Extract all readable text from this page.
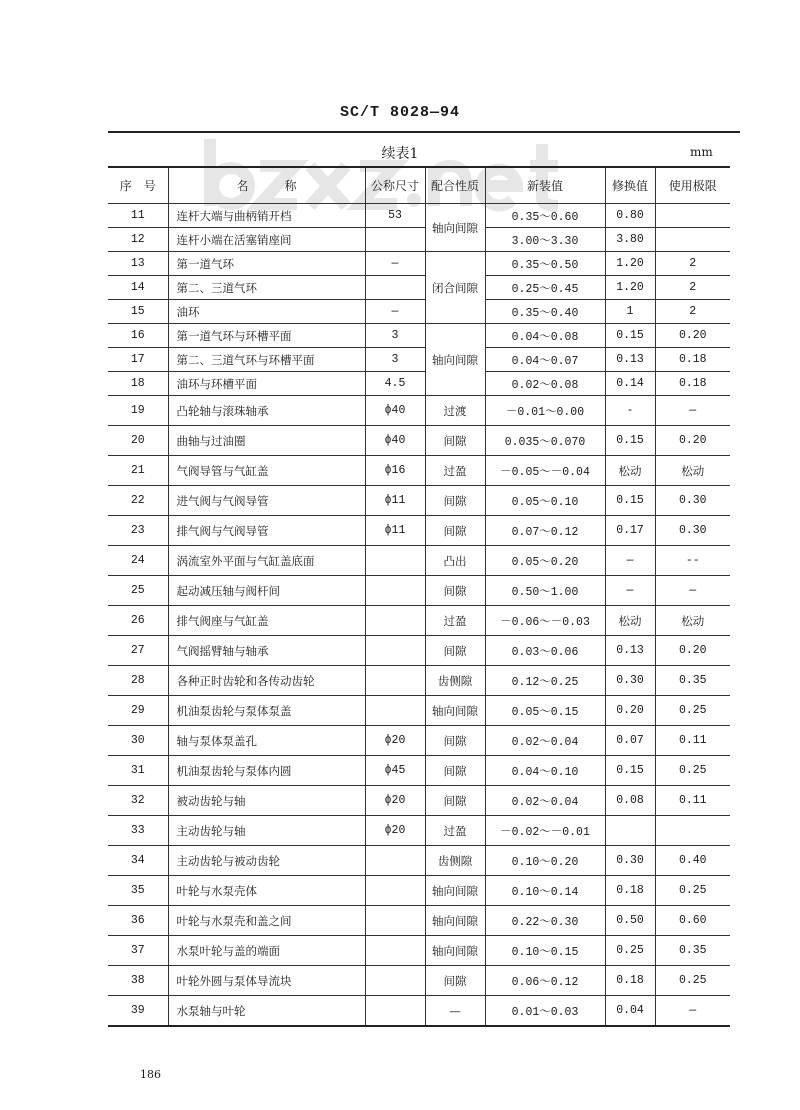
SC/T 8028—94
续表1	mm
序　号	名　　　称	公称尺寸	配合性质	新装值	修换值	使用极限
11	连杆大端与曲柄销开档	53	轴向间隙	0.35～0.60	0.80	
12	连杆小端在活塞销座间			3.00～3.30	3.80	
13	第一道气环	—	闭合间隙	0.35～0.50	1.20	2
14	第二、三道气环			0.25～0.45	1.20	2
15	油环	—		0.35～0.40	1	2
16	第一道气环与环槽平面	3	轴向间隙	0.04～0.08	0.15	0.20
17	第二、三道气环与环槽平面	3		0.04～0.07	0.13	0.18
18	油环与环槽平面	4.5		0.02～0.08	0.14	0.18
19	凸轮轴与滚珠轴承	ϕ40	过渡	－0.01～0.00	-	—
20	曲轴与过油圈	ϕ40	间隙	0.035～0.070	0.15	0.20
21	气阀导管与气缸盖	ϕ16	过盈	－0.05～－0.04	松动	松动
22	进气阀与气阀导管	ϕ11	间隙	0.05～0.10	0.15	0.30
23	排气阀与气阀导管	ϕ11	间隙	0.07～0.12	0.17	0.30
24	涡流室外平面与气缸盖底面		凸出	0.05～0.20	—	--
25	起动减压轴与阀杆间		间隙	0.50～1.00	—	—
26	排气阀座与气缸盖		过盈	－0.06～－0.03	松动	松动
27	气阀摇臂轴与轴承		间隙	0.03～0.06	0.13	0.20
28	各种正时齿轮和各传动齿轮		齿侧隙	0.12～0.25	0.30	0.35
29	机油泵齿轮与泵体泵盖		轴向间隙	0.05～0.15	0.20	0.25
30	轴与泵体泵盖孔	ϕ20	间隙	0.02～0.04	0.07	0.11
31	机油泵齿轮与泵体内圆	ϕ45	间隙	0.04～0.10	0.15	0.25
32	被动齿轮与轴	ϕ20	间隙	0.02～0.04	0.08	0.11
33	主动齿轮与轴	ϕ20	过盈	－0.02～－0.01		
34	主动齿轮与被动齿轮		齿侧隙	0.10～0.20	0.30	0.40
35	叶轮与水泵壳体		轴向间隙	0.10～0.14	0.18	0.25
36	叶轮与水泵壳和盖之间		轴向间隙	0.22～0.30	0.50	0.60
37	水泵叶轮与盖的端面		轴向间隙	0.10～0.15	0.25	0.35
38	叶轮外圆与泵体导流块		间隙	0.06～0.12	0.18	0.25
39	水泵轴与叶轮		—	0.01～0.03	0.04	—
186
